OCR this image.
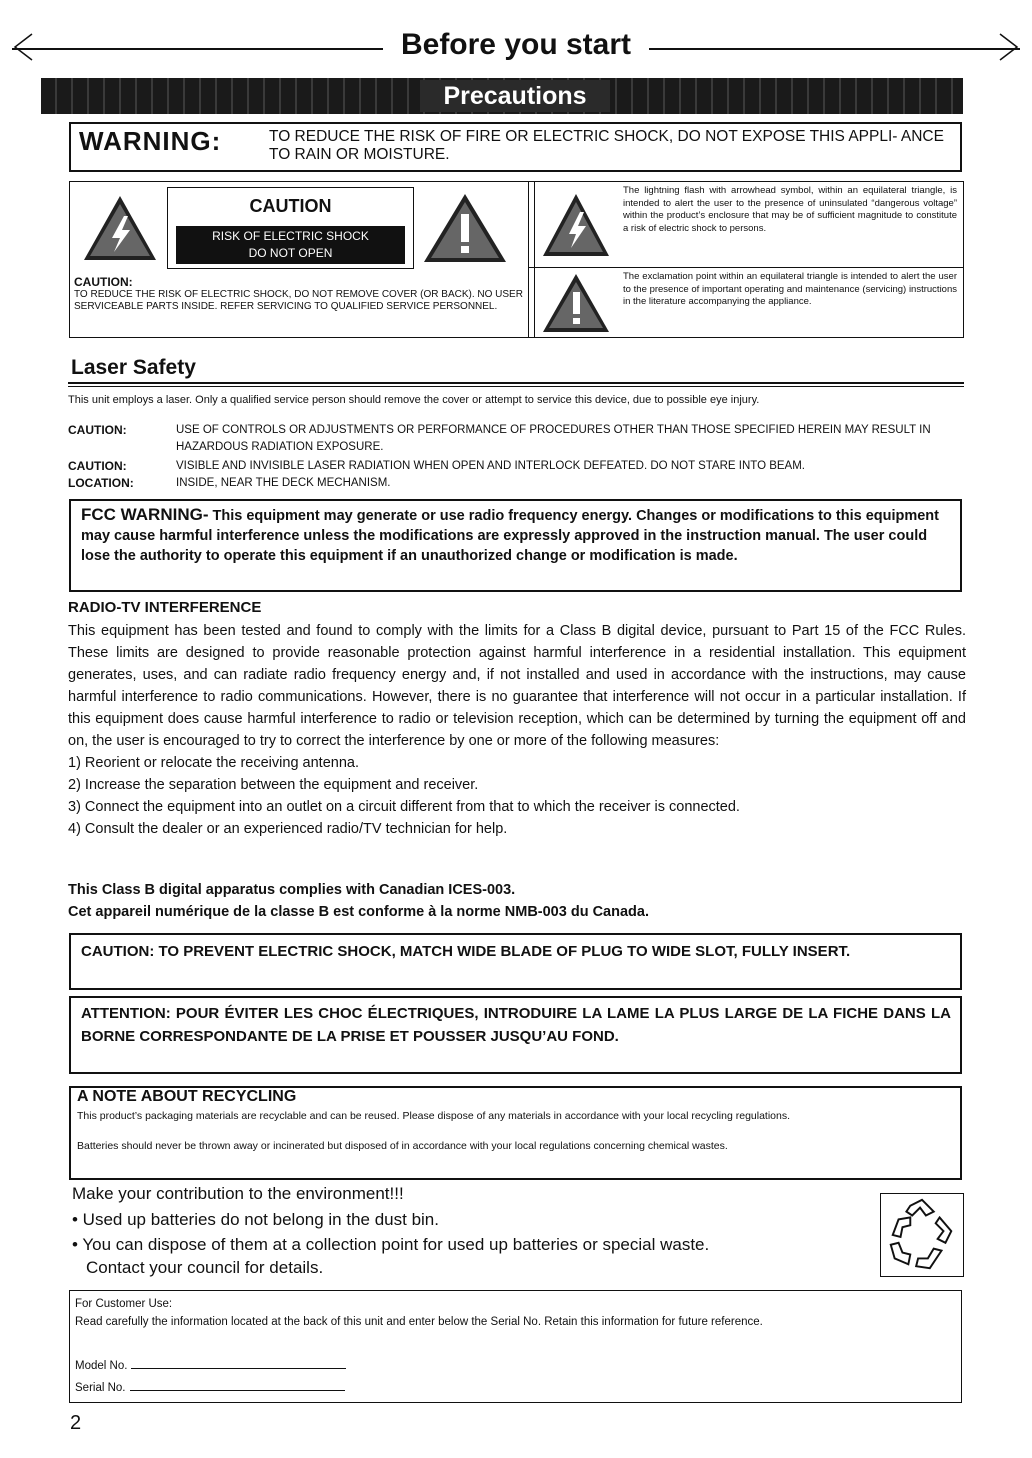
Before you start
Precautions
WARNING:	TO REDUCE THE RISK OF FIRE OR ELECTRIC SHOCK, DO NOT EXPOSE THIS APPLI- ANCE TO RAIN OR MOISTURE.
CAUTION
RISK OF ELECTRIC SHOCK
DO NOT OPEN
CAUTION:
TO REDUCE THE RISK OF ELECTRIC SHOCK, DO NOT REMOVE COVER (OR BACK). NO USER SERVICEABLE PARTS INSIDE. REFER SERVICING TO QUALIFIED SERVICE PERSONNEL.
The lightning flash with arrowhead symbol, within an equilateral triangle, is intended to alert the user to the presence of uninsulated “dangerous voltage” within the product’s enclosure that may be of sufficient magnitude to constitute a risk of electric shock to persons.
The exclamation point within an equilateral triangle is intended to alert the user to the presence of important operating and maintenance (servicing) instructions in the literature accompanying the appliance.
Laser Safety
This unit employs a laser. Only a qualified service person should remove the cover or attempt to service this device, due to possible eye injury.
CAUTION:	USE OF CONTROLS OR ADJUSTMENTS OR PERFORMANCE OF PROCEDURES OTHER THAN THOSE SPECIFIED HEREIN MAY RESULT IN HAZARDOUS RADIATION EXPOSURE.
CAUTION:	VISIBLE AND INVISIBLE LASER RADIATION WHEN OPEN AND INTERLOCK DEFEATED. DO NOT STARE INTO BEAM.
LOCATION:	INSIDE, NEAR THE DECK MECHANISM.
FCC WARNING- This equipment may generate or use radio frequency energy. Changes or modifications to this equipment may cause harmful interference unless the modifications are expressly approved in the instruction manual. The user could lose the authority to operate this equipment if an unauthorized change or modification is made.
RADIO-TV INTERFERENCE
This equipment has been tested and found to comply with the limits for a Class B digital device, pursuant to Part 15 of the FCC Rules. These limits are designed to provide reasonable protection against harmful interference in a residential installation. This equipment generates, uses, and can radiate radio frequency energy and, if not installed and used in accordance with the instructions, may cause harmful interference to radio communications. However, there is no guarantee that interference will not occur in a particular installation. If this equipment does cause harmful interference to radio or television reception, which can be determined by turning the equipment off and on, the user is encouraged to try to correct the interference by one or more of the following measures:
1) Reorient or relocate the receiving antenna.
2) Increase the separation between the equipment and receiver.
3) Connect the equipment into an outlet on a circuit different from that to which the receiver is connected.
4) Consult the dealer or an experienced radio/TV technician for help.
This Class B digital apparatus complies with Canadian ICES-003.
Cet appareil numérique de la classe B est conforme à la norme NMB-003 du Canada.
CAUTION: TO PREVENT ELECTRIC SHOCK, MATCH WIDE BLADE OF PLUG TO WIDE SLOT, FULLY INSERT.
ATTENTION: POUR ÉVITER LES CHOC ÉLECTRIQUES, INTRODUIRE LA LAME LA PLUS LARGE DE LA FICHE DANS LA BORNE CORRESPONDANTE DE LA PRISE ET POUSSER JUSQU’AU FOND.
A NOTE ABOUT RECYCLING
This product’s packaging materials are recyclable and can be reused. Please dispose of any materials in accordance with your local recycling regulations.
Batteries should never be thrown away or incinerated but disposed of in accordance with your local regulations concerning chemical wastes.
Make your contribution to the environment!!!
• Used up batteries do not belong in the dust bin.
• You can dispose of them at a collection point for used up batteries or special waste.
Contact your council for details.
For Customer Use:
Read carefully the information located at the back of this unit and enter below the Serial No. Retain this information for future reference.
Model No.
Serial No.
2
